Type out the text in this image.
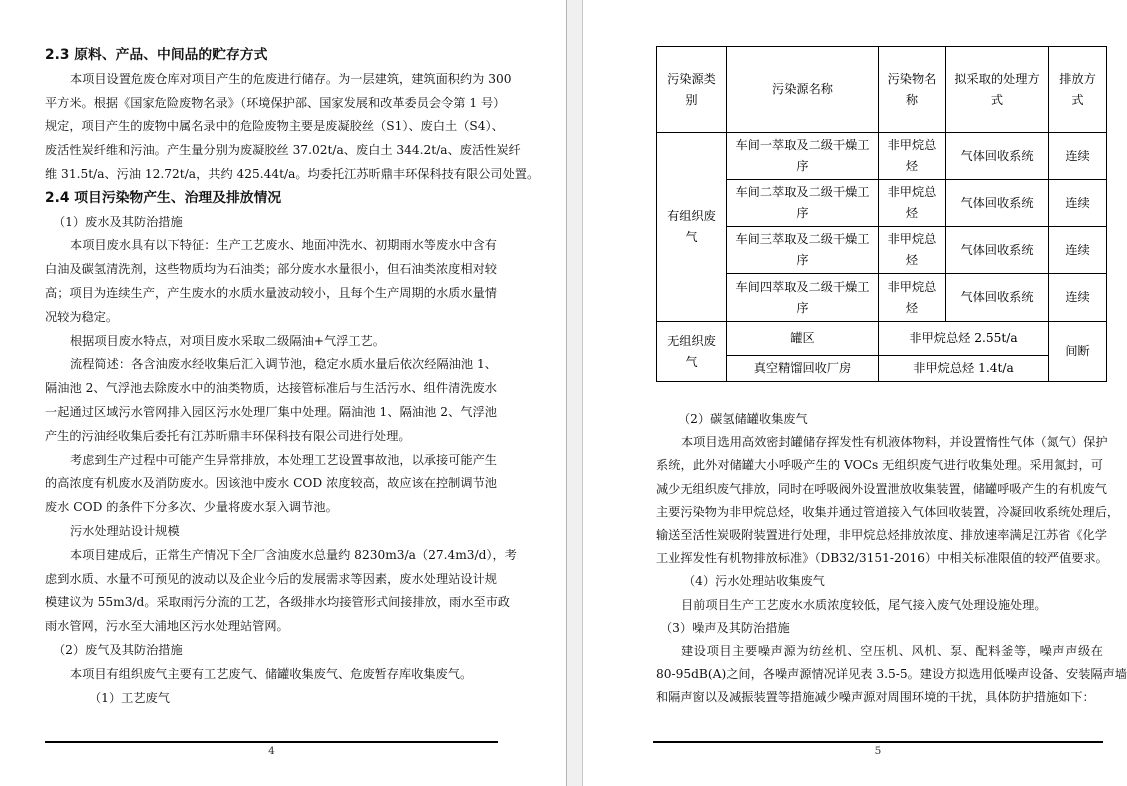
2.3 原料、产品、中间品的贮存方式
本项目设置危废仓库对项目产生的危废进行储存。为一层建筑，建筑面积约为 300
平方米。根据《国家危险废物名录》（环境保护部、国家发展和改革委员会令第 1 号）
规定，项目产生的废物中属名录中的危险废物主要是废凝胶丝（S1）、废白土（S4）、
废活性炭纤维和污油。产生量分别为废凝胶丝 37.02t/a、废白土 344.2t/a、废活性炭纤
维 31.5t/a、污油 12.72t/a，共约 425.44t/a。均委托江苏昕鼎丰环保科技有限公司处置。
2.4 项目污染物产生、治理及排放情况
（1）废水及其防治措施
本项目废水具有以下特征：生产工艺废水、地面冲洗水、初期雨水等废水中含有
白油及碳氢清洗剂，这些物质均为石油类；部分废水水量很小，但石油类浓度相对较
高；项目为连续生产，产生废水的水质水量波动较小，且每个生产周期的水质水量情
况较为稳定。
根据项目废水特点，对项目废水采取二级隔油+气浮工艺。
流程简述：各含油废水经收集后汇入调节池，稳定水质水量后依次经隔油池 1、
隔油池 2、气浮池去除废水中的油类物质，达接管标准后与生活污水、组件清洗废水
一起通过区域污水管网排入园区污水处理厂集中处理。隔油池 1、隔油池 2、气浮池
产生的污油经收集后委托有江苏昕鼎丰环保科技有限公司进行处理。
考虑到生产过程中可能产生异常排放，本处理工艺设置事故池，以承接可能产生
的高浓度有机废水及消防废水。因该池中废水 COD 浓度较高，故应该在控制调节池
废水 COD 的条件下分多次、少量将废水泵入调节池。
污水处理站设计规模
本项目建成后，正常生产情况下全厂含油废水总量约 8230m3/a（27.4m3/d），考
虑到水质、水量不可预见的波动以及企业今后的发展需求等因素，废水处理站设计规
模建议为 55m3/d。采取雨污分流的工艺，各级排水均接管形式间接排放，雨水至市政
雨水管网，污水至大浦地区污水处理站管网。
（2）废气及其防治措施
本项目有组织废气主要有工艺废气、储罐收集废气、危废暂存库收集废气。
（1）工艺废气
污染源类别	污染源名称	污染物名称	拟采取的处理方式	排放方式
有组织废气	车间一萃取及二级干燥工序	非甲烷总烃	气体回收系统	连续
	车间二萃取及二级干燥工序	非甲烷总烃	气体回收系统	连续
	车间三萃取及二级干燥工序	非甲烷总烃	气体回收系统	连续
	车间四萃取及二级干燥工序	非甲烷总烃	气体回收系统	连续
无组织废气	罐区	非甲烷总烃 2.55t/a		间断
	真空精馏回收厂房	非甲烷总烃 1.4t/a		
（2）碳氢储罐收集废气
本项目选用高效密封罐储存挥发性有机液体物料，并设置惰性气体（氮气）保护
系统，此外对储罐大小呼吸产生的 VOCs 无组织废气进行收集处理。采用氮封，可
减少无组织废气排放，同时在呼吸阀外设置泄放收集装置，储罐呼吸产生的有机废气
主要污染物为非甲烷总烃，收集并通过管道接入气体回收装置，冷凝回收系统处理后，
输送至活性炭吸附装置进行处理，非甲烷总烃排放浓度、排放速率满足江苏省《化学
工业挥发性有机物排放标准》（DB32/3151-2016）中相关标准限值的较严值要求。
（4）污水处理站收集废气
目前项目生产工艺废水水质浓度较低，尾气接入废气处理设施处理。
（3）噪声及其防治措施
建设项目主要噪声源为纺丝机、空压机、风机、泵、配料釜等，噪声声级在
80-95dB(A)之间，各噪声源情况详见表 3.5-5。建设方拟选用低噪声设备、安装隔声墙
和隔声窗以及减振装置等措施减少噪声源对周围环境的干扰，具体防护措施如下：
4	5
